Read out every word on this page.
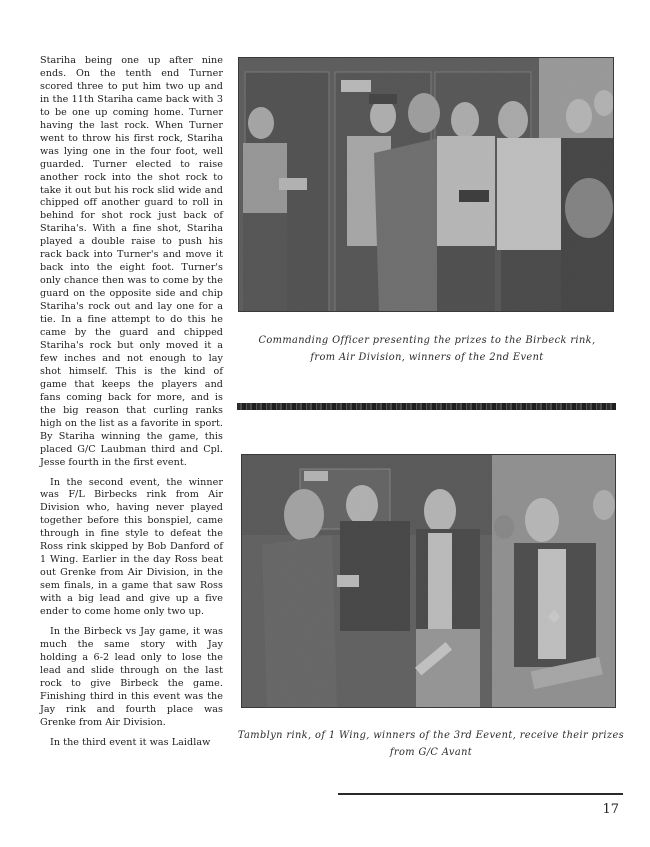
Stariha being one up after nine ends. On the tenth end Turner scored three to put him two up and in the 11th Stariha came back with 3 to be one up coming home. Turner having the last rock. When Turner went to throw his first rock, Stariha was lying one in the four foot, well guarded. Turner elected to raise another rock into the shot rock to take it out but his rock slid wide and chipped off another guard to roll in behind for shot rock just back of Stariha's. With a fine shot, Stariha played a double raise to push his rack back into Turner's and move it back into the eight foot. Turner's only chance then was to come by the guard on the opposite side and chip Stariha's rock out and lay one for a tie. In a fine attempt to do this he came by the guard and chipped Stariha's rock but only moved it a few inches and not enough to lay shot himself. This is the kind of game that keeps the players and fans coming back for more, and is the big reason that curling ranks high on the list as a favorite in sport. By Stariha winning the game, this placed G/C Laubman third and Cpl. Jesse fourth in the first event.

In the second event, the winner was F/L Birbecks rink from Air Division who, having never played together before this bonspiel, came through in fine style to defeat the Ross rink skipped by Bob Danford of 1 Wing. Earlier in the day Ross beat out Grenke from Air Division, in the sem finals, in a game that saw Ross with a big lead and give up a five ender to come home only two up.

In the Birbeck vs Jay game, it was much the same story with Jay holding a 6-2 lead only to lose the lead and slide through on the last rock to give Birbeck the game. Finishing third in this event was the Jay rink and fourth place was Grenke from Air Division.

In the third event it was Laidlaw

Commanding Officer presenting the prizes to the Birbeck rink,
from Air Division, winners of the 2nd Event
Tamblyn rink, of 1 Wing, winners of the 3rd Eevent, receive their prizes
from G/C Avant
17
